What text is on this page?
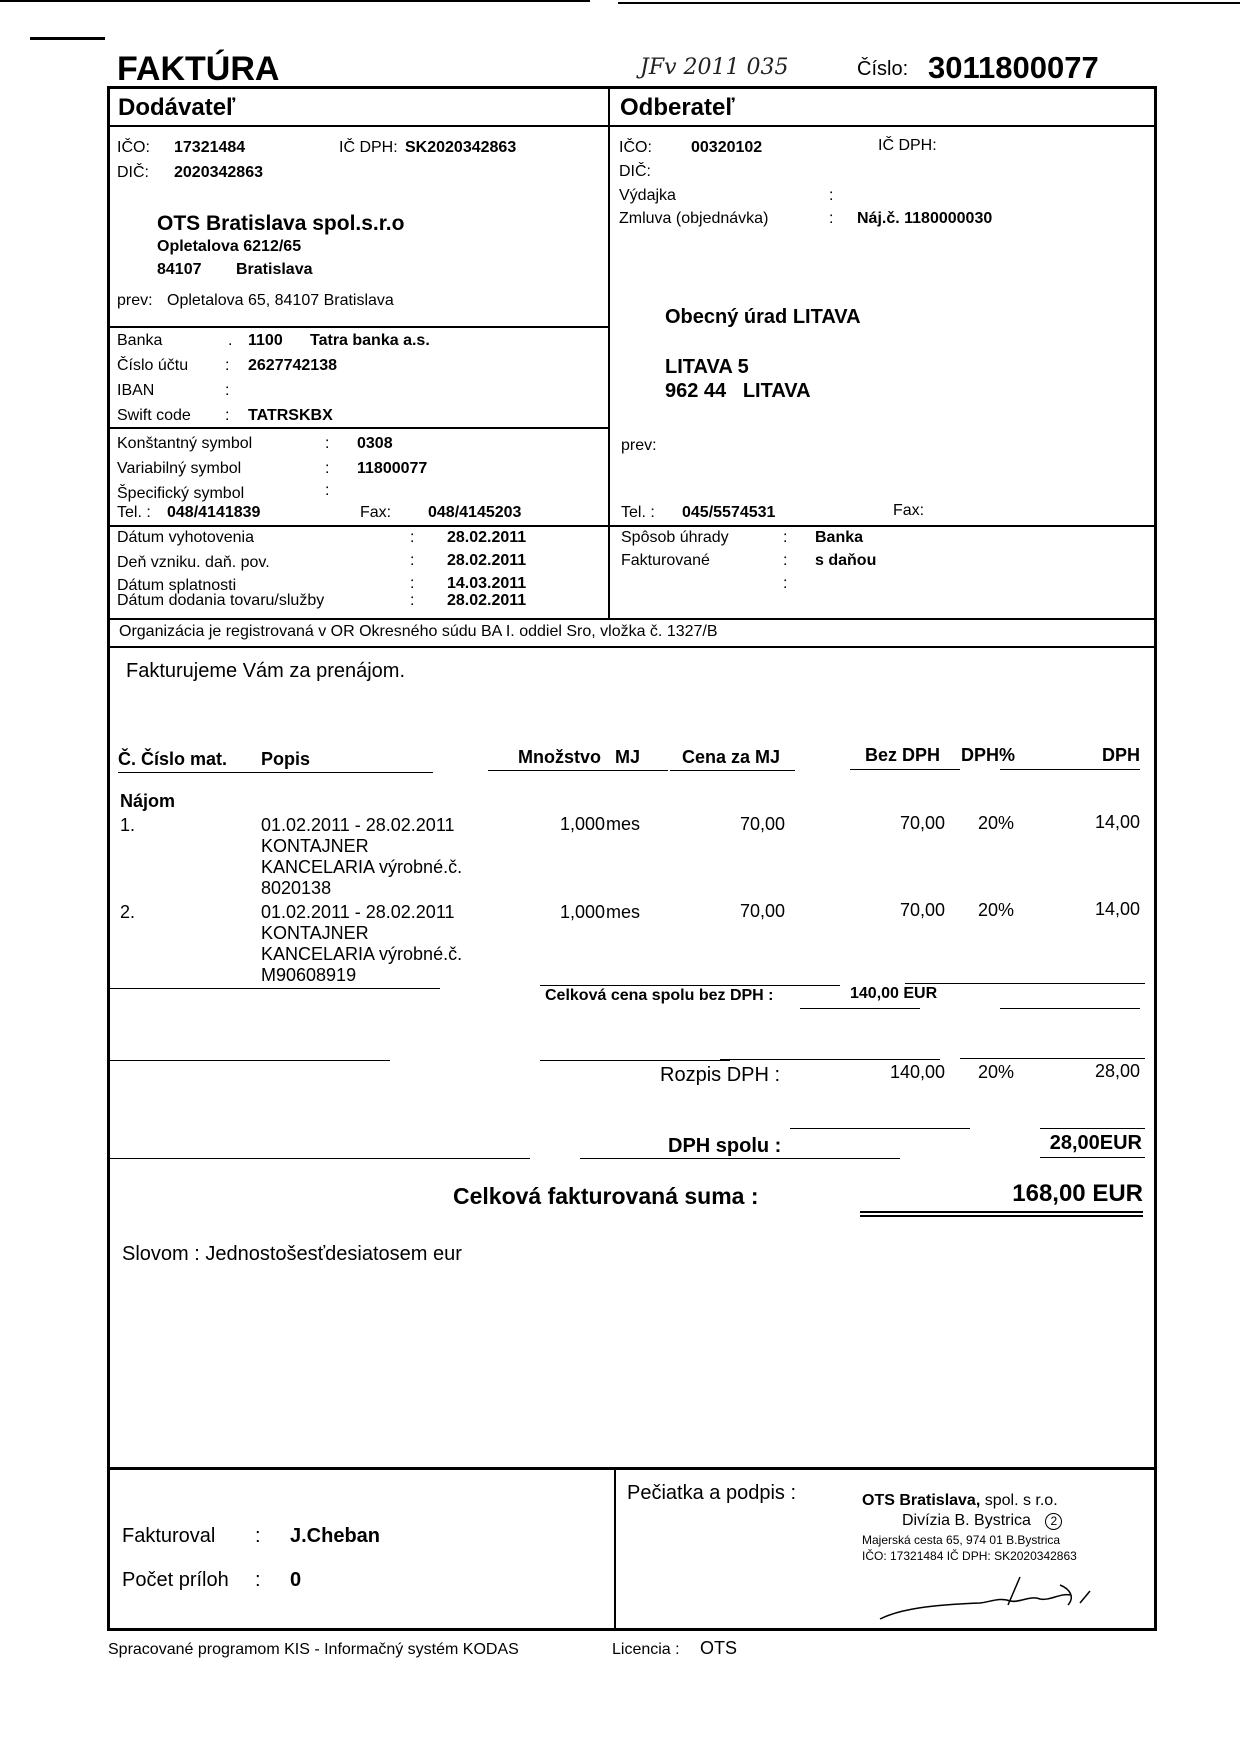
FAKTÚRA	JFv 2011 035	Číslo: 3011800077
Dodávateľ
IČO: 17321484	IČ DPH: SK2020342863
DIČ: 2020342863
OTS Bratislava spol.s.r.o
Opletalova 6212/65
84107 Bratislava
prev: Opletalova 65, 84107 Bratislava
Banka	. 1100 Tatra banka a.s.
Číslo účtu : 2627742138
IBAN	:
Swift code : TATRSKBX
Konštantný symbol	: 0308
Variabilný symbol	: 11800077
Špecifický symbol	:
Tel. : 048/4141839	Fax: 048/4145203
Dátum vyhotovenia	: 28.02.2011
Deň vzniku. daň. pov.	: 28.02.2011
Dátum splatnosti	: 14.03.2011
Dátum dodania tovaru/služby	: 28.02.2011
Odberateľ
IČO: 00320102	IČ DPH:
DIČ:
Výdajka	:
Zmluva (objednávka)	: Náj.č. 1180000030
Obecný úrad LITAVA
LITAVA 5
962 44   LITAVA
prev:
Tel. : 045/5574531	Fax:
Spôsob úhrady	: Banka
Fakturované	: s daňou
:
Organizácia je registrovaná v OR Okresného súdu BA I. oddiel Sro, vložka č. 1327/B
Fakturujeme Vám za prenájom.
Č. Číslo mat. Popis	Množstvo MJ Cena za MJ	Bez DPH DPH%	DPH
Nájom
1.	01.02.2011 - 28.02.2011
KONTAJNER
KANCELARIA výrobné.č.
8020138
1,000 mes	70,00	70,00 20%	14,00
2.	01.02.2011 - 28.02.2011
KONTAJNER
KANCELARIA výrobné.č.
M90608919
1,000 mes	70,00	70,00 20%	14,00
Celková cena spolu bez DPH :	140,00 EUR
Rozpis DPH :	140,00 20%	28,00
DPH spolu :	28,00EUR
Celková fakturovaná suma :	168,00 EUR
Slovom : Jednostošesťdesiatosem eur
Fakturoval : J.Cheban
Počet príloh : 0
Pečiatka a podpis :	OTS Bratislava, spol. s r.o.
Divízia B. Bystrica 2
Majerská cesta 65, 974 01 B.Bystrica
IČO: 17321484 IČ DPH: SK2020342863
Spracované programom KIS - Informačný systém KODAS	Licencia : OTS
